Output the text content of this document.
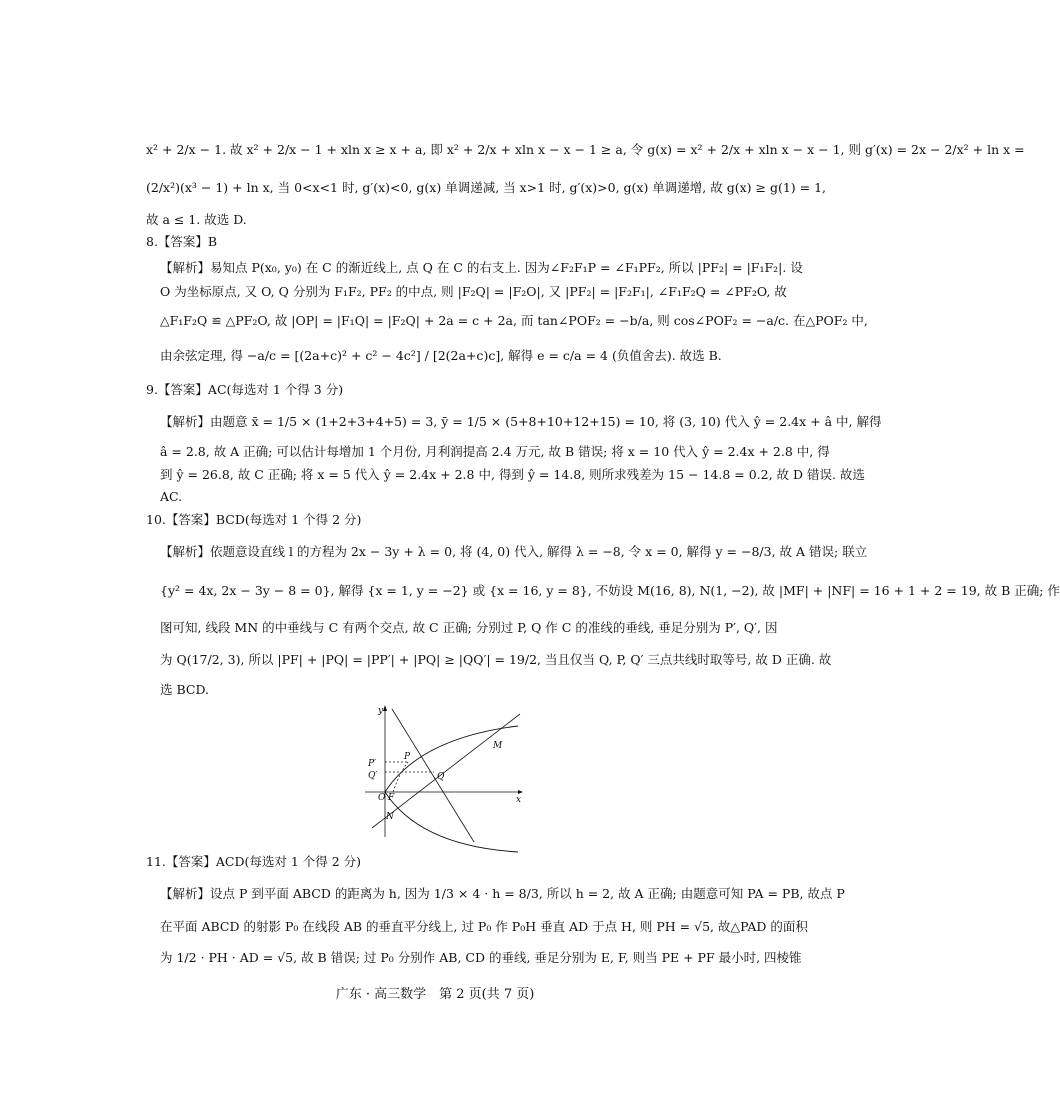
x² + 2/x − 1. 故 x² + 2/x − 1 + xln x ≥ x + a, 即 x² + 2/x + xln x − x − 1 ≥ a, 令 g(x) = x² + 2/x + xln x − x − 1, 则 g′(x) = 2x − 2/x² + ln x =
(2/x²)(x³ − 1) + ln x, 当 0<x<1 时, g′(x)<0, g(x) 单调递减, 当 x>1 时, g′(x)>0, g(x) 单调递增, 故 g(x) ≥ g(1) = 1,
故 a ≤ 1. 故选 D.
8.【答案】B
【解析】易知点 P(x₀, y₀) 在 C 的渐近线上, 点 Q 在 C 的右支上. 因为∠F₂F₁P = ∠F₁PF₂, 所以 |PF₂| = |F₁F₂|. 设
O 为坐标原点, 又 O, Q 分别为 F₁F₂, PF₂ 的中点, 则 |F₂Q| = |F₂O|, 又 |PF₂| = |F₂F₁|, ∠F₁F₂Q = ∠PF₂O, 故
△F₁F₂Q ≌ △PF₂O, 故 |OP| = |F₁Q| = |F₂Q| + 2a = c + 2a, 而 tan∠POF₂ = −b/a, 则 cos∠POF₂ = −a/c. 在△POF₂ 中,
由余弦定理, 得 −a/c = [(2a+c)² + c² − 4c²] / [2(2a+c)c], 解得 e = c/a = 4 (负值舍去). 故选 B.
9.【答案】AC(每选对 1 个得 3 分)
【解析】由题意 x̄ = 1/5 × (1+2+3+4+5) = 3, ȳ = 1/5 × (5+8+10+12+15) = 10, 将 (3, 10) 代入 ŷ = 2.4x + â 中, 解得
â = 2.8, 故 A 正确; 可以估计每增加 1 个月份, 月利润提高 2.4 万元, 故 B 错误; 将 x = 10 代入 ŷ = 2.4x + 2.8 中, 得
到 ŷ = 26.8, 故 C 正确; 将 x = 5 代入 ŷ = 2.4x + 2.8 中, 得到 ŷ = 14.8, 则所求残差为 15 − 14.8 = 0.2, 故 D 错误. 故选
AC.
10.【答案】BCD(每选对 1 个得 2 分)
【解析】依题意设直线 l 的方程为 2x − 3y + λ = 0, 将 (4, 0) 代入, 解得 λ = −8, 令 x = 0, 解得 y = −8/3, 故 A 错误; 联立
{y² = 4x, 2x − 3y − 8 = 0}, 解得 {x = 1, y = −2} 或 {x = 16, y = 8}, 不妨设 M(16, 8), N(1, −2), 故 |MF| + |NF| = 16 + 1 + 2 = 19, 故 B 正确; 作
图可知, 线段 MN 的中垂线与 C 有两个交点, 故 C 正确; 分别过 P, Q 作 C 的准线的垂线, 垂足分别为 P′, Q′, 因
为 Q(17/2, 3), 所以 |PF| + |PQ| = |PP′| + |PQ| ≥ |QQ′| = 19/2, 当且仅当 Q, P, Q′ 三点共线时取等号, 故 D 正确. 故
选 BCD.
y
x
P′
Q′
P
Q
M
O F
N
11.【答案】ACD(每选对 1 个得 2 分)
【解析】设点 P 到平面 ABCD 的距离为 h, 因为 1/3 × 4 · h = 8/3, 所以 h = 2, 故 A 正确; 由题意可知 PA = PB, 故点 P
在平面 ABCD 的射影 P₀ 在线段 AB 的垂直平分线上, 过 P₀ 作 P₀H 垂直 AD 于点 H, 则 PH = √5, 故△PAD 的面积
为 1/2 · PH · AD = √5, 故 B 错误; 过 P₀ 分别作 AB, CD 的垂线, 垂足分别为 E, F, 则当 PE + PF 最小时, 四棱锥
广东 · 高三数学　第 2 页(共 7 页)
